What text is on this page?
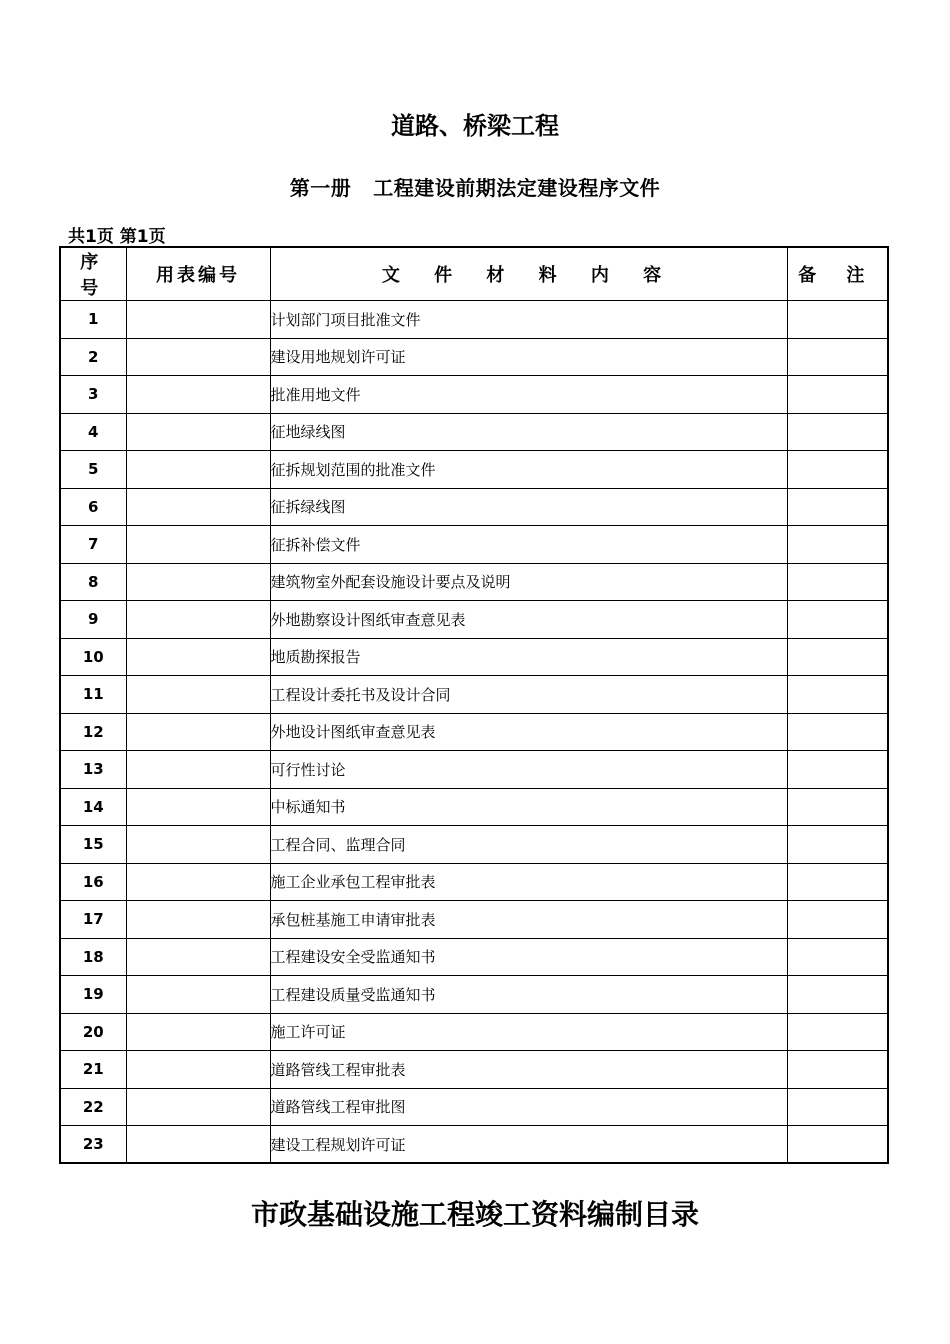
道路、桥梁工程
第一册 工程建设前期法定建设程序文件
共1页 第1页
序 号	用表编号	文 件 材 料 内 容	备 注
1		计划部门项目批准文件	
2		建设用地规划许可证	
3		批准用地文件	
4		征地绿线图	
5		征拆规划范围的批准文件	
6		征拆绿线图	
7		征拆补偿文件	
8		建筑物室外配套设施设计要点及说明	
9		外地勘察设计图纸审查意见表	
10		地质勘探报告	
11		工程设计委托书及设计合同	
12		外地设计图纸审查意见表	
13		可行性讨论	
14		中标通知书	
15		工程合同、监理合同	
16		施工企业承包工程审批表	
17		承包桩基施工申请审批表	
18		工程建设安全受监通知书	
19		工程建设质量受监通知书	
20		施工许可证	
21		道路管线工程审批表	
22		道路管线工程审批图	
23		建设工程规划许可证	
市政基础设施工程竣工资料编制目录
